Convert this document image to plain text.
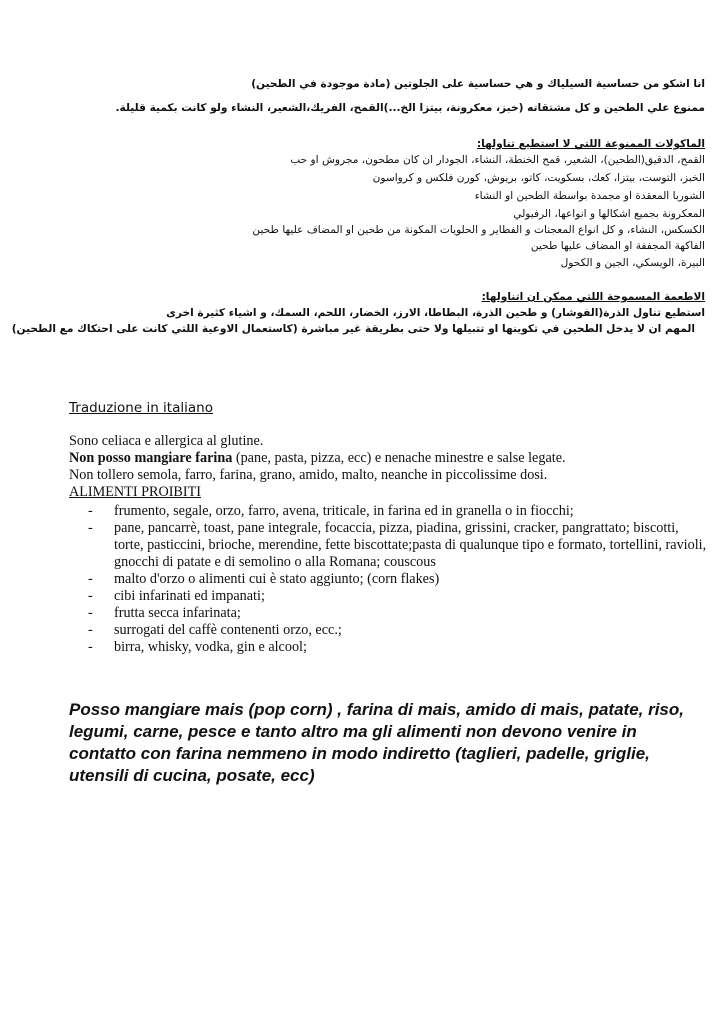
انا اشكو من حساسية السيلياك و هي حساسية على الجلوتين (مادة موجودة في الطحين)
ممنوع علي الطحين و كل مشتقاته (خبز، معكرونة، بيتزا الخ...)القمح، الفريك،الشعير، النشاء ولو كانت بكمية قليلة.
الماكولات الممنوعة اللتي لا استطيع تناولها:
القمح، الدقيق(الطحين)، الشعير، قمح الخنطة، النشاء، الجودار ان كان مطحون، مجروش او حب
الخبز، التوست، بيتزا، كعك، بسكويت، كاتو، بريوش، كورن فلكس و كرواسون
الشوربا المعقدة او مجمدة بواسطة الطحين او النشاء
المعكرونة بجميع اشكالها و انواعها، الرفيولي
الكسكس، النشاء، و كل انواع المعجنات و الفطاير و الحلويات المكونة من طحين او المضاف عليها طحين
الفاكهة المجففة او المضاف عليها طحين
البيرة، الويسكي، الجين و الكحول
الاطعمة المسموحة اللتي ممكن ان اتناولها:
استطيع تناول الذرة(الفوشار) و طحين الذرة، البطاطا، الارز، الخضار، اللحم، السمك، و اشياء كثيرة اخرى
المهم ان لا يدخل الطحين في تكوينها او تتبيلها ولا حتى بطريقة غير مباشرة (كاستعمال الاوعية اللتي كانت على احتكاك مع الطحين)
Traduzione in italiano
Sono celiaca e allergica al glutine.
Non posso mangiare farina (pane, pasta, pizza, ecc) e nenache minestre e salse legate.
Non tollero semola, farro, farina, grano, amido, malto, neanche in piccolissime dosi.
ALIMENTI PROIBITI
- frumento, segale, orzo, farro, avena, triticale, in farina ed in granella o in fiocchi;
- pane, pancarrè, toast, pane integrale, focaccia, pizza, piadina, grissini, cracker, pangrattato; biscotti, torte, pasticcini, brioche, merendine, fette biscottate;pasta di qualunque tipo e formato, tortellini, ravioli, gnocchi di patate e di semolino o alla Romana; couscous
- malto d'orzo o alimenti cui è stato aggiunto; (corn flakes)
- cibi infarinati ed impanati;
- frutta secca infarinata;
- surrogati del caffè contenenti orzo, ecc.;
- birra, whisky, vodka, gin e alcool;
Posso mangiare mais (pop corn) , farina di mais, amido di mais, patate, riso, legumi, carne, pesce e tanto altro ma gli alimenti non devono venire in contatto con farina nemmeno in modo indiretto (taglieri, padelle, griglie, utensili di cucina, posate, ecc)
